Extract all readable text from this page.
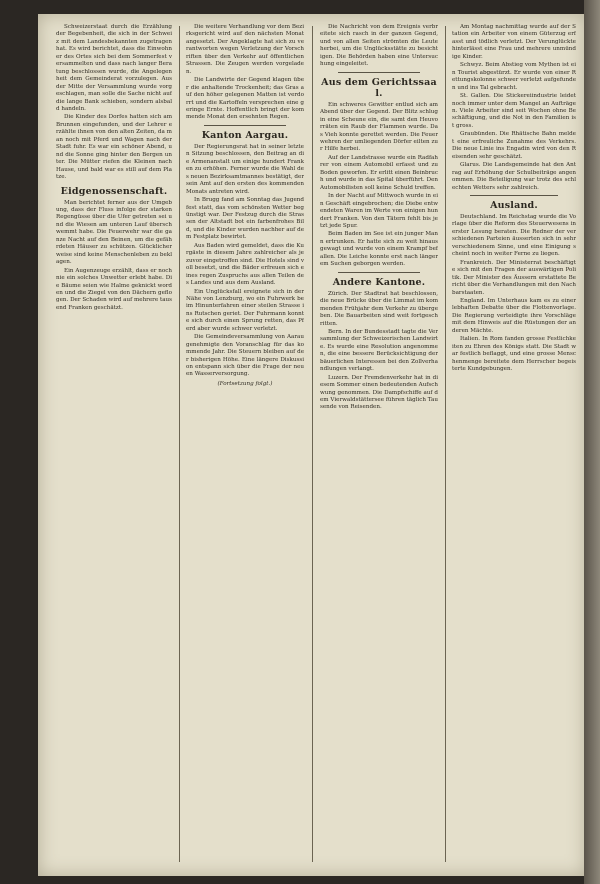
Schweizerstaat durch die Erzählung der Begebenheit, die sich in der Schweiz mit dem Landesbekannten zugetragen hat. Es wird berichtet, dass die Einwohner des Ortes sich bei dem Sommerfest versammelten und dass nach langer Beratung beschlossen wurde, die Angelegenheit dem Gemeinderat vorzulegen. Aus der Mitte der Versammlung wurde vorgeschlagen, man solle die Sache nicht auf die lange Bank schieben, sondern alsbald handeln.

Die Kinder des Dorfes hatten sich am Brunnen eingefunden, und der Lehrer erzählte ihnen von den alten Zeiten, da man noch mit Pferd und Wagen nach der Stadt fuhr. Es war ein schöner Abend, und die Sonne ging hinter den Bergen unter. Die Mütter riefen die Kleinen nach Hause, und bald war es still auf dem Platze.

Eidgenossenschaft.

Man berichtet ferner aus der Umgebung, dass der Fluss infolge der starken Regengüsse über die Ufer getreten sei und die Wiesen am unteren Lauf überschwemmt habe. Die Feuerwehr war die ganze Nacht auf den Beinen, um die gefährdeten Häuser zu schützen. Glücklicherweise sind keine Menschenleben zu beklagen.

Ein Augenzeuge erzählt, dass er noch nie ein solches Unwetter erlebt habe. Die Bäume seien wie Halme geknickt worden und die Ziegel von den Dächern geflogen. Der Schaden wird auf mehrere tausend Franken geschätzt.

Die weitere Verhandlung vor dem Bezirksgericht wird auf den nächsten Monat angesetzt. Der Angeklagte hat sich zu verantworten wegen Verletzung der Vorschriften über den Verkehr auf öffentlichen Strassen. Die Zeugen werden vorgeladen.

Die Landwirte der Gegend klagen über die anhaltende Trockenheit; das Gras auf den höher gelegenen Matten ist verdorrt und die Kartoffeln versprechen eine geringe Ernte. Hoffentlich bringt der kommende Monat den ersehnten Regen.

Kanton Aargau.

Der Regierungsrat hat in seiner letzten Sitzung beschlossen, den Beitrag an die Armenanstalt um einige hundert Franken zu erhöhen. Ferner wurde die Wahl des neuen Bezirksamtmannes bestätigt, der sein Amt auf den ersten des kommenden Monats antreten wird.

In Brugg fand am Sonntag das Jugendfest statt, das vom schönsten Wetter begünstigt war. Der Festzug durch die Strassen der Altstadt bot ein farbenfrohes Bild, und die Kinder wurden nachher auf dem Festplatz bewirtet.

Aus Baden wird gemeldet, dass die Kurgäste in diesem Jahre zahlreicher als je zuvor eingetroffen sind. Die Hotels sind voll besetzt, und die Bäder erfreuen sich eines regen Zuspruchs aus allen Teilen des Landes und aus dem Ausland.

Ein Unglücksfall ereignete sich in der Nähe von Lenzburg, wo ein Fuhrwerk beim Hinunterfahren einer steilen Strasse ins Rutschen geriet. Der Fuhrmann konnte sich durch einen Sprung retten, das Pferd aber wurde schwer verletzt.

Die Gemeindeversammlung von Aarau genehmigte den Voranschlag für das kommende Jahr. Die Steuern bleiben auf der bisherigen Höhe. Eine längere Diskussion entspann sich über die Frage der neuen Wasserversorgung.

(Fortsetzung folgt.)

Die Nachricht von dem Ereignis verbreitete sich rasch in der ganzen Gegend, und von allen Seiten strömten die Leute herbei, um die Unglücksstätte zu besichtigen. Die Behörden haben eine Untersuchung eingeleitet.

Aus dem Gerichtssaal.

Ein schweres Gewitter entlud sich am Abend über der Gegend. Der Blitz schlug in eine Scheune ein, die samt den Heuvorräten ein Raub der Flammen wurde. Das Vieh konnte gerettet werden. Die Feuerwehren der umliegenden Dörfer eilten zur Hilfe herbei.

Auf der Landstrasse wurde ein Radfahrer von einem Automobil erfasst und zu Boden geworfen. Er erlitt einen Beinbruch und wurde in das Spital überführt. Den Automobilisten soll keine Schuld treffen.

In der Nacht auf Mittwoch wurde in ein Geschäft eingebrochen; die Diebe entwendeten Waren im Werte von einigen hundert Franken. Von den Tätern fehlt bis jetzt jede Spur.

Beim Baden im See ist ein junger Mann ertrunken. Er hatte sich zu weit hinausgewagt und wurde von einem Krampf befallen. Die Leiche konnte erst nach längerem Suchen geborgen werden.

Andere Kantone.

Zürich. Der Stadtrat hat beschlossen, die neue Brücke über die Limmat im kommenden Frühjahr dem Verkehr zu übergeben. Die Bauarbeiten sind weit fortgeschritten.

Bern. In der Bundesstadt tagte die Versammlung der Schweizerischen Landwirte. Es wurde eine Resolution angenommen, die eine bessere Berücksichtigung der bäuerlichen Interessen bei den Zollverhandlungen verlangt.

Luzern. Der Fremdenverkehr hat in diesem Sommer einen bedeutenden Aufschwung genommen. Die Dampfschiffe auf dem Vierwaldstättersee führen täglich Tausende von Reisenden.

Am Montag nachmittag wurde auf der Station ein Arbeiter von einem Güterzug erfasst und tödlich verletzt. Der Verunglückte hinterlässt eine Frau und mehrere unmündige Kinder.

Schwyz. Beim Abstieg vom Mythen ist ein Tourist abgestürzt. Er wurde von einer Rettungskolonne schwer verletzt aufgefunden und ins Tal gebracht.

St. Gallen. Die Stickereiindustrie leidet noch immer unter dem Mangel an Aufträgen. Viele Arbeiter sind seit Wochen ohne Beschäftigung, und die Not in den Familien ist gross.

Graubünden. Die Rhätische Bahn meldet eine erfreuliche Zunahme des Verkehrs. Die neue Linie ins Engadin wird von den Reisenden sehr geschätzt.

Glarus. Die Landsgemeinde hat den Antrag auf Erhöhung der Schulbeiträge angenommen. Die Beteiligung war trotz des schlechten Wetters sehr zahlreich.

Ausland.

Deutschland. Im Reichstag wurde die Vorlage über die Reform des Steuerwesens in erster Lesung beraten. Die Redner der verschiedenen Parteien äusserten sich in sehr verschiedenem Sinne, und eine Einigung scheint noch in weiter Ferne zu liegen.

Frankreich. Der Ministerrat beschäftigte sich mit den Fragen der auswärtigen Politik. Der Minister des Äussern erstattete Bericht über die Verhandlungen mit den Nachbarstaaten.

England. Im Unterhaus kam es zu einer lebhaften Debatte über die Flottenvorlage. Die Regierung verteidigte ihre Vorschläge mit dem Hinweis auf die Rüstungen der anderen Mächte.

Italien. In Rom fanden grosse Festlichkeiten zu Ehren des Königs statt. Die Stadt war festlich beflaggt, und eine grosse Menschenmenge bereitete dem Herrscher begeisterte Kundgebungen.
